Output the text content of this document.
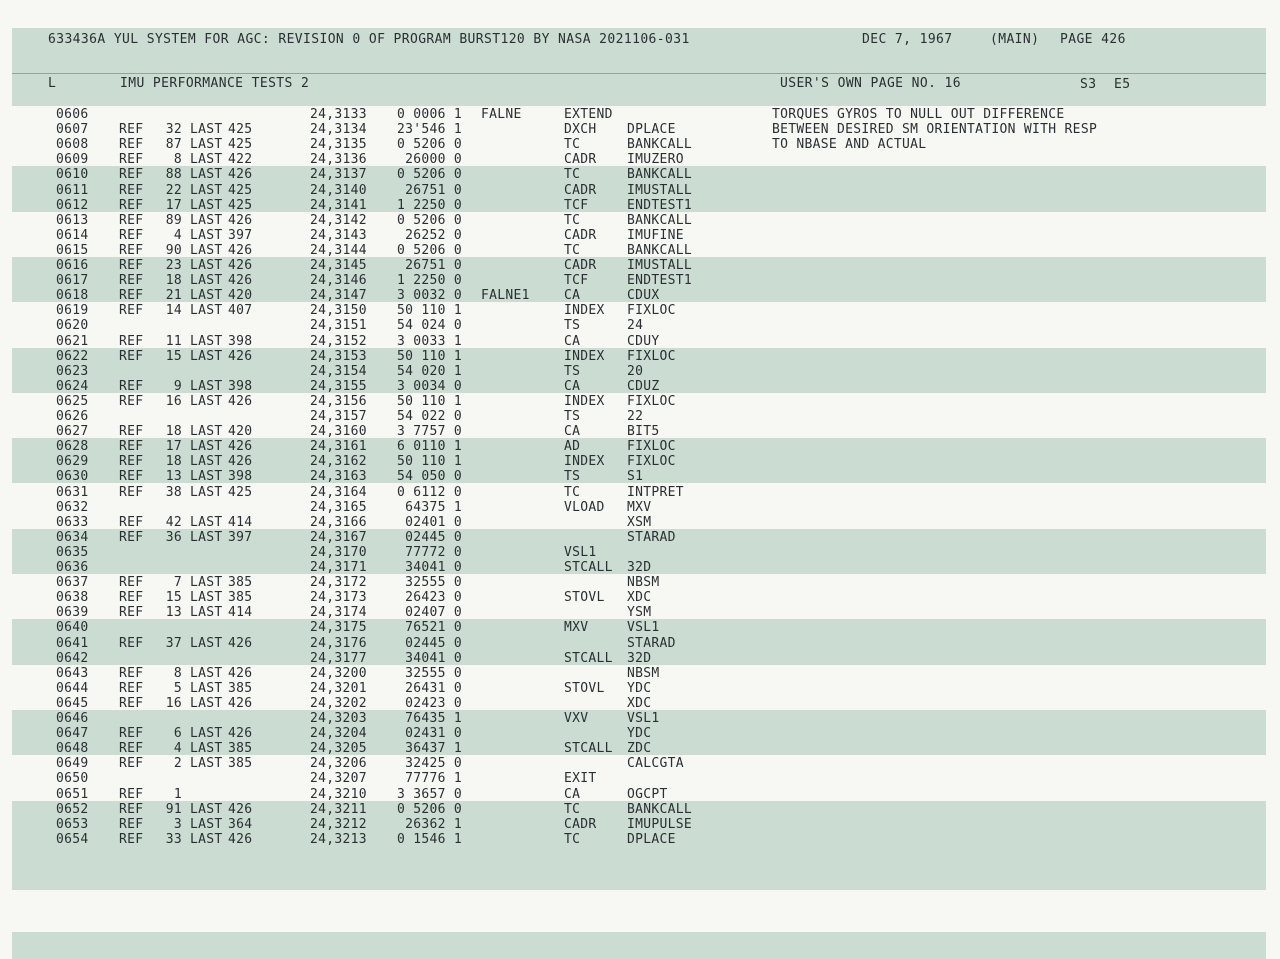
633436A YUL SYSTEM FOR AGC: REVISION 0 OF PROGRAM BURST120 BY NASA 2021106-031	DEC 7, 1967	(MAIN) PAGE 426
L	IMU PERFORMANCE TESTS 2	USER'S OWN PAGE NO. 16	S3 E5
0606	24,3133	0 0006 1 FALNE	EXTEND	TORQUES GYROS TO NULL OUT DIFFERENCE
0607 REF	32 LAST 425	24,3134	23'546 1	DXCH DPLACE	BETWEEN DESIRED SM ORIENTATION WITH RESP
0608 REF	87 LAST 425	24,3135	0 5206 0	TC	BANKCALL	TO NBASE AND ACTUAL
0609 REF	8 LAST 422	24,3136	26000 0	CADR IMUZERO
0610 REF	88 LAST 426	24,3137	0 5206 0	TC	BANKCALL
0611 REF	22 LAST 425	24,3140	26751 0	CADR IMUSTALL
0612 REF	17 LAST 425	24,3141	1 2250 0	TCF	ENDTEST1
0613 REF	89 LAST 426	24,3142	0 5206 0	TC	BANKCALL
0614 REF	4 LAST 397	24,3143	26252 0	CADR IMUFINE
0615 REF	90 LAST 426	24,3144	0 5206 0	TC	BANKCALL
0616 REF	23 LAST 426	24,3145	26751 0	CADR IMUSTALL
0617 REF	18 LAST 426	24,3146	1 2250 0	TCF	ENDTEST1
0618 REF	21 LAST 420	24,3147	3 0032 0 FALNE1	CA	CDUX
0619 REF	14 LAST 407	24,3150	50 110 1	INDEX FIXLOC
0620	24,3151	54 024 0	TS	24
0621 REF	11 LAST 398	24,3152	3 0033 1	CA	CDUY
0622 REF	15 LAST 426	24,3153	50 110 1	INDEX FIXLOC
0623	24,3154	54 020 1	TS	20
0624 REF	9 LAST 398	24,3155	3 0034 0	CA	CDUZ
0625 REF	16 LAST 426	24,3156	50 110 1	INDEX FIXLOC
0626	24,3157	54 022 0	TS	22
0627 REF	18 LAST 420	24,3160	3 7757 0	CA	BIT5
0628 REF	17 LAST 426	24,3161	6 0110 1	AD	FIXLOC
0629 REF	18 LAST 426	24,3162	50 110 1	INDEX FIXLOC
0630 REF	13 LAST 398	24,3163	54 050 0	TS	S1
0631 REF	38 LAST 425	24,3164	0 6112 0	TC	INTPRET
0632	24,3165	64375 1	VLOAD MXV
0633 REF	42 LAST 414	24,3166	02401 0	XSM
0634 REF	36 LAST 397	24,3167	02445 0	STARAD
0635	24,3170	77772 0	VSL1
0636	24,3171	34041 0	STCALL 32D
0637 REF	7 LAST 385	24,3172	32555 0	NBSM
0638 REF	15 LAST 385	24,3173	26423 0	STOVL XDC
0639 REF	13 LAST 414	24,3174	02407 0	YSM
0640	24,3175	76521 0	MXV	VSL1
0641 REF	37 LAST 426	24,3176	02445 0	STARAD
0642	24,3177	34041 0	STCALL 32D
0643 REF	8 LAST 426	24,3200	32555 0	NBSM
0644 REF	5 LAST 385	24,3201	26431 0	STOVL YDC
0645 REF	16 LAST 426	24,3202	02423 0	XDC
0646	24,3203	76435 1	VXV	VSL1
0647 REF	6 LAST 426	24,3204	02431 0	YDC
0648 REF	4 LAST 385	24,3205	36437 1	STCALL ZDC
0649 REF	2 LAST 385	24,3206	32425 0	CALCGTA
0650	24,3207	77776 1	EXIT
0651 REF	1	24,3210	3 3657 0	CA	OGCPT
0652 REF	91 LAST 426	24,3211	0 5206 0	TC	BANKCALL
0653 REF	3 LAST 364	24,3212	26362 1	CADR IMUPULSE
0654 REF	33 LAST 426	24,3213	0 1546 1	TC	DPLACE
